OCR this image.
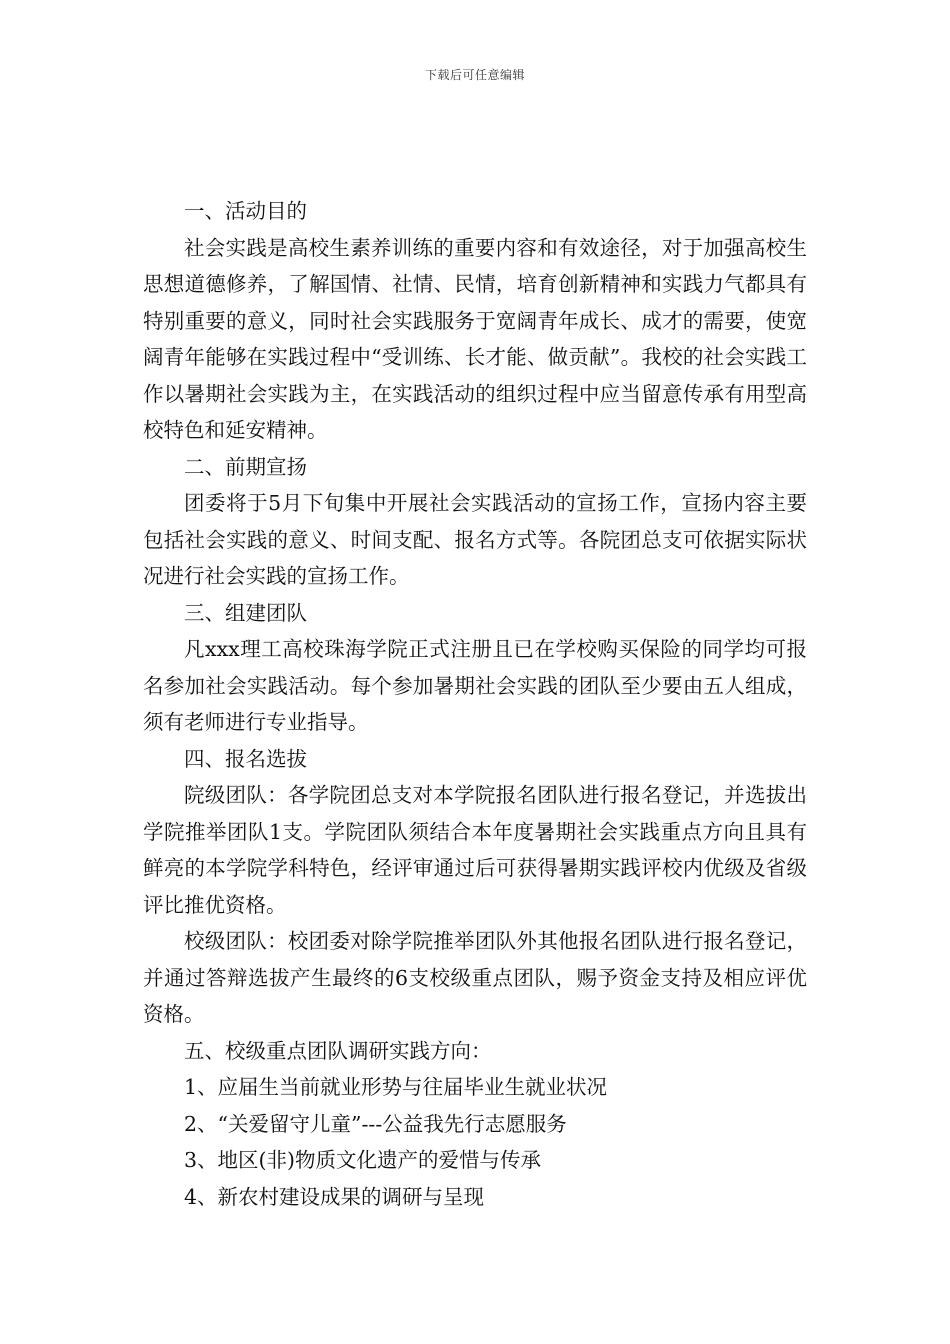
下载后可任意编辑

一、活动目的

社会实践是高校生素养训练的重要内容和有效途径，对于加强高校生思想道德修养，了解国情、社情、民情，培育创新精神和实践力气都具有特别重要的意义，同时社会实践服务于宽阔青年成长、成才的需要，使宽阔青年能够在实践过程中“受训练、长才能、做贡献”。我校的社会实践工作以暑期社会实践为主，在实践活动的组织过程中应当留意传承有用型高校特色和延安精神。

二、前期宣扬

团委将于5月下旬集中开展社会实践活动的宣扬工作，宣扬内容主要包括社会实践的意义、时间支配、报名方式等。各院团总支可依据实际状况进行社会实践的宣扬工作。

三、组建团队

凡xxx理工高校珠海学院正式注册且已在学校购买保险的同学均可报名参加社会实践活动。每个参加暑期社会实践的团队至少要由五人组成，须有老师进行专业指导。

四、报名选拔

院级团队：各学院团总支对本学院报名团队进行报名登记，并选拔出学院推举团队1支。学院团队须结合本年度暑期社会实践重点方向且具有鲜亮的本学院学科特色，经评审通过后可获得暑期实践评校内优级及省级评比推优资格。

校级团队：校团委对除学院推举团队外其他报名团队进行报名登记，并通过答辩选拔产生最终的6支校级重点团队，赐予资金支持及相应评优资格。

五、校级重点团队调研实践方向：

1、应届生当前就业形势与往届毕业生就业状况

2、“关爱留守儿童”---公益我先行志愿服务

3、地区(非)物质文化遗产的爱惜与传承

4、新农村建设成果的调研与呈现
